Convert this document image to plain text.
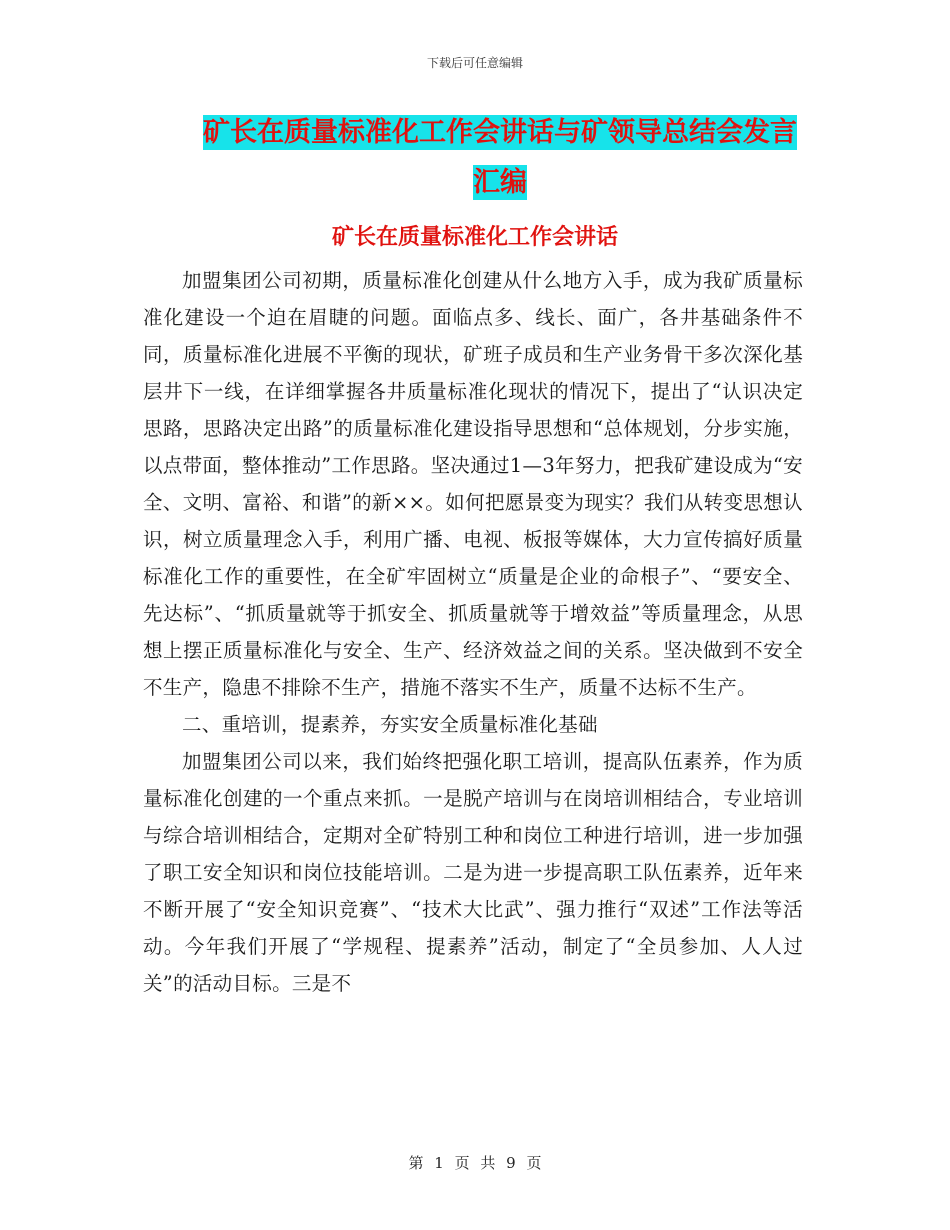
下载后可任意编辑
矿长在质量标准化工作会讲话与矿领导总结会发言汇编
矿长在质量标准化工作会讲话

加盟集团公司初期，质量标准化创建从什么地方入手，成为我矿质量标准化建设一个迫在眉睫的问题。面临点多、线长、面广，各井基础条件不同，质量标准化进展不平衡的现状，矿班子成员和生产业务骨干多次深化基层井下一线，在详细掌握各井质量标准化现状的情况下，提出了“认识决定思路，思路决定出路”的质量标准化建设指导思想和“总体规划，分步实施，以点带面，整体推动”工作思路。坚决通过1—3年努力，把我矿建设成为“安全、文明、富裕、和谐”的新××。如何把愿景变为现实？我们从转变思想认识，树立质量理念入手，利用广播、电视、板报等媒体，大力宣传搞好质量标准化工作的重要性，在全矿牢固树立“质量是企业的命根子”、“要安全、先达标”、“抓质量就等于抓安全、抓质量就等于增效益”等质量理念，从思想上摆正质量标准化与安全、生产、经济效益之间的关系。坚决做到不安全不生产，隐患不排除不生产，措施不落实不生产，质量不达标不生产。

二、重培训，提素养，夯实安全质量标准化基础

加盟集团公司以来，我们始终把强化职工培训，提高队伍素养，作为质量标准化创建的一个重点来抓。一是脱产培训与在岗培训相结合，专业培训与综合培训相结合，定期对全矿特别工种和岗位工种进行培训，进一步加强了职工安全知识和岗位技能培训。二是为进一步提高职工队伍素养，近年来不断开展了“安全知识竞赛”、“技术大比武”、强力推行“双述”工作法等活动。今年我们开展了“学规程、提素养”活动，制定了“全员参加、人人过关”的活动目标。三是不

第 1 页 共 9 页
